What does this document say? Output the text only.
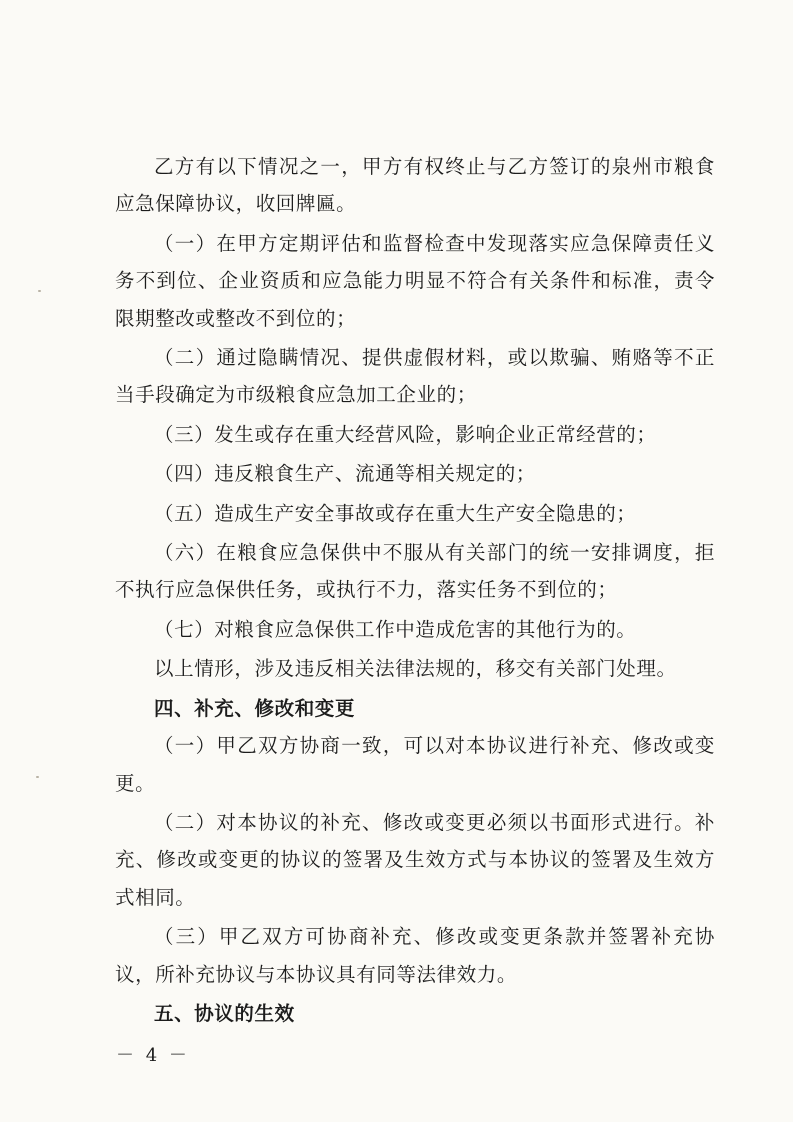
乙方有以下情况之一，甲方有权终止与乙方签订的泉州市粮食应急保障协议，收回牌匾。

（一）在甲方定期评估和监督检查中发现落实应急保障责任义务不到位、企业资质和应急能力明显不符合有关条件和标准，责令限期整改或整改不到位的；

（二）通过隐瞒情况、提供虚假材料，或以欺骗、贿赂等不正当手段确定为市级粮食应急加工企业的；

（三）发生或存在重大经营风险，影响企业正常经营的；

（四）违反粮食生产、流通等相关规定的；

（五）造成生产安全事故或存在重大生产安全隐患的；

（六）在粮食应急保供中不服从有关部门的统一安排调度，拒不执行应急保供任务，或执行不力，落实任务不到位的；

（七）对粮食应急保供工作中造成危害的其他行为的。

以上情形，涉及违反相关法律法规的，移交有关部门处理。

四、补充、修改和变更

（一）甲乙双方协商一致，可以对本协议进行补充、修改或变更。

（二）对本协议的补充、修改或变更必须以书面形式进行。补充、修改或变更的协议的签署及生效方式与本协议的签署及生效方式相同。

（三）甲乙双方可协商补充、修改或变更条款并签署补充协议，所补充协议与本协议具有同等法律效力。

五、协议的生效

－ 4 －
